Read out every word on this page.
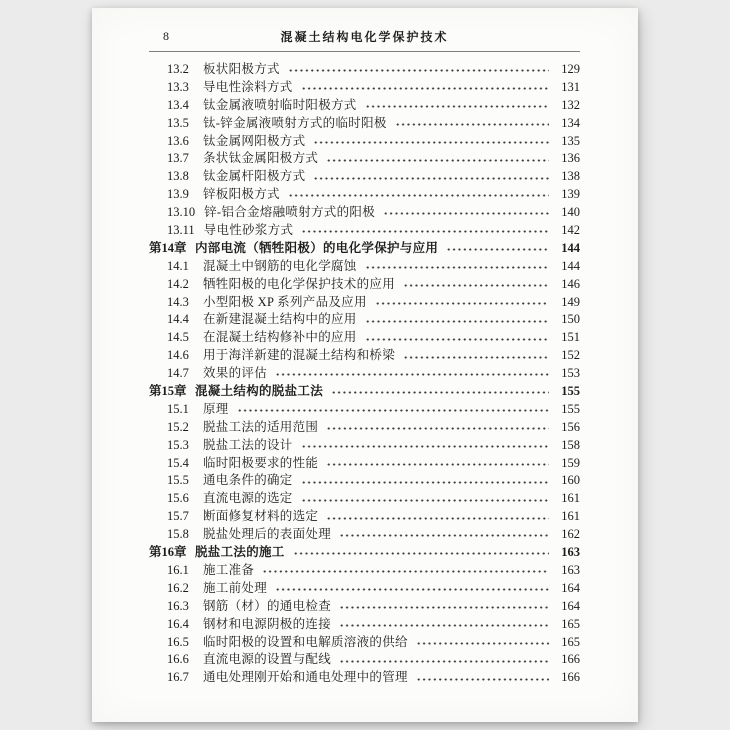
8	混凝土结构电化学保护技术
13.2	板状阳极方式	129
13.3	导电性涂料方式	131
13.4	钛金属液喷射临时阳极方式	132
13.5	钛-锌金属液喷射方式的临时阳极	134
13.6	钛金属网阳极方式	135
13.7	条状钛金属阳极方式	136
13.8	钛金属杆阳极方式	138
13.9	锌板阳极方式	139
13.10 锌-铝合金熔融喷射方式的阳极	140
13.11 导电性砂浆方式	142
第14章 内部电流（牺牲阳极）的电化学保护与应用	144
14.1	混凝土中钢筋的电化学腐蚀	144
14.2	牺牲阳极的电化学保护技术的应用	146
14.3	小型阳极 XP 系列产品及应用	149
14.4	在新建混凝土结构中的应用	150
14.5	在混凝土结构修补中的应用	151
14.6	用于海洋新建的混凝土结构和桥梁	152
14.7	效果的评估	153
第15章 混凝土结构的脱盐工法	155
15.1	原理	155
15.2	脱盐工法的适用范围	156
15.3	脱盐工法的设计	158
15.4	临时阳极要求的性能	159
15.5	通电条件的确定	160
15.6	直流电源的选定	161
15.7	断面修复材料的选定	161
15.8	脱盐处理后的表面处理	162
第16章 脱盐工法的施工	163
16.1	施工准备	163
16.2	施工前处理	164
16.3	钢筋（材）的通电检查	164
16.4	钢材和电源阴极的连接	165
16.5	临时阳极的设置和电解质溶液的供给	165
16.6	直流电源的设置与配线	166
16.7	通电处理刚开始和通电处理中的管理	166
